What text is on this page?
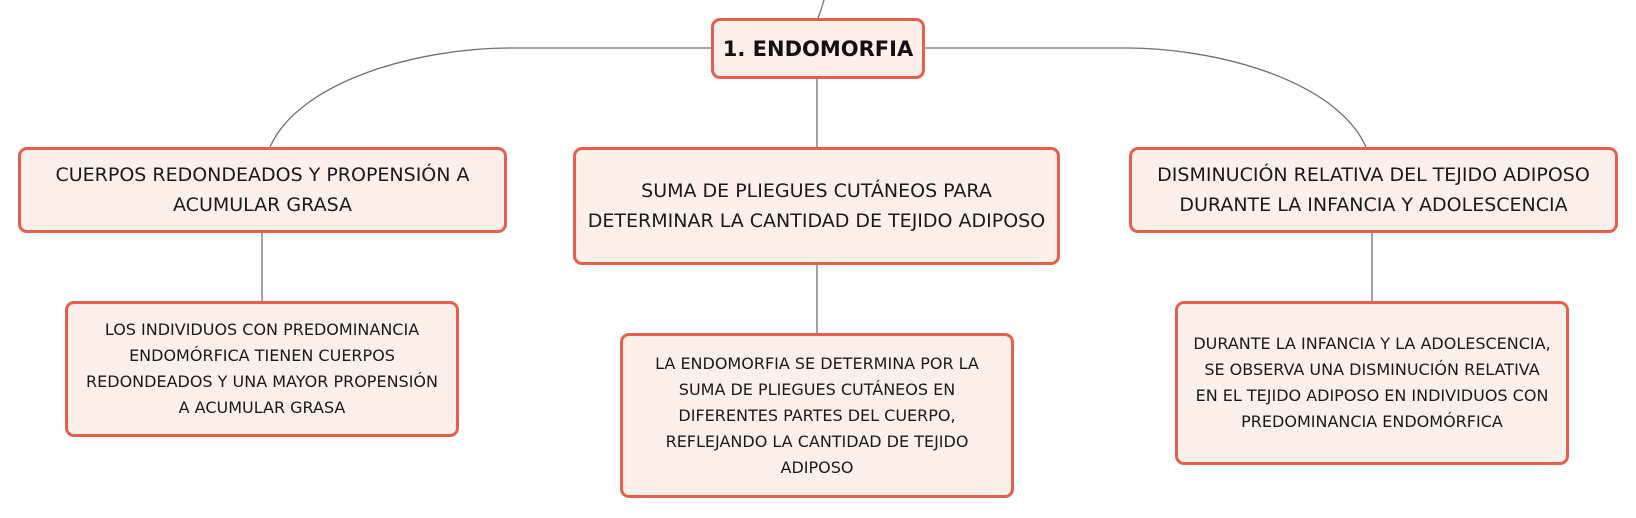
1. ENDOMORFIA
CUERPOS REDONDEADOS Y PROPENSIÓN A ACUMULAR GRASA
SUMA DE PLIEGUES CUTÁNEOS PARA DETERMINAR LA CANTIDAD DE TEJIDO ADIPOSO
DISMINUCIÓN RELATIVA DEL TEJIDO ADIPOSO DURANTE LA INFANCIA Y ADOLESCENCIA
LOS INDIVIDUOS CON PREDOMINANCIA ENDOMÓRFICA TIENEN CUERPOS REDONDEADOS Y UNA MAYOR PROPENSIÓN A ACUMULAR GRASA
LA ENDOMORFIA SE DETERMINA POR LA SUMA DE PLIEGUES CUTÁNEOS EN DIFERENTES PARTES DEL CUERPO, REFLEJANDO LA CANTIDAD DE TEJIDO ADIPOSO
DURANTE LA INFANCIA Y LA ADOLESCENCIA, SE OBSERVA UNA DISMINUCIÓN RELATIVA EN EL TEJIDO ADIPOSO EN INDIVIDUOS CON PREDOMINANCIA ENDOMÓRFICA
